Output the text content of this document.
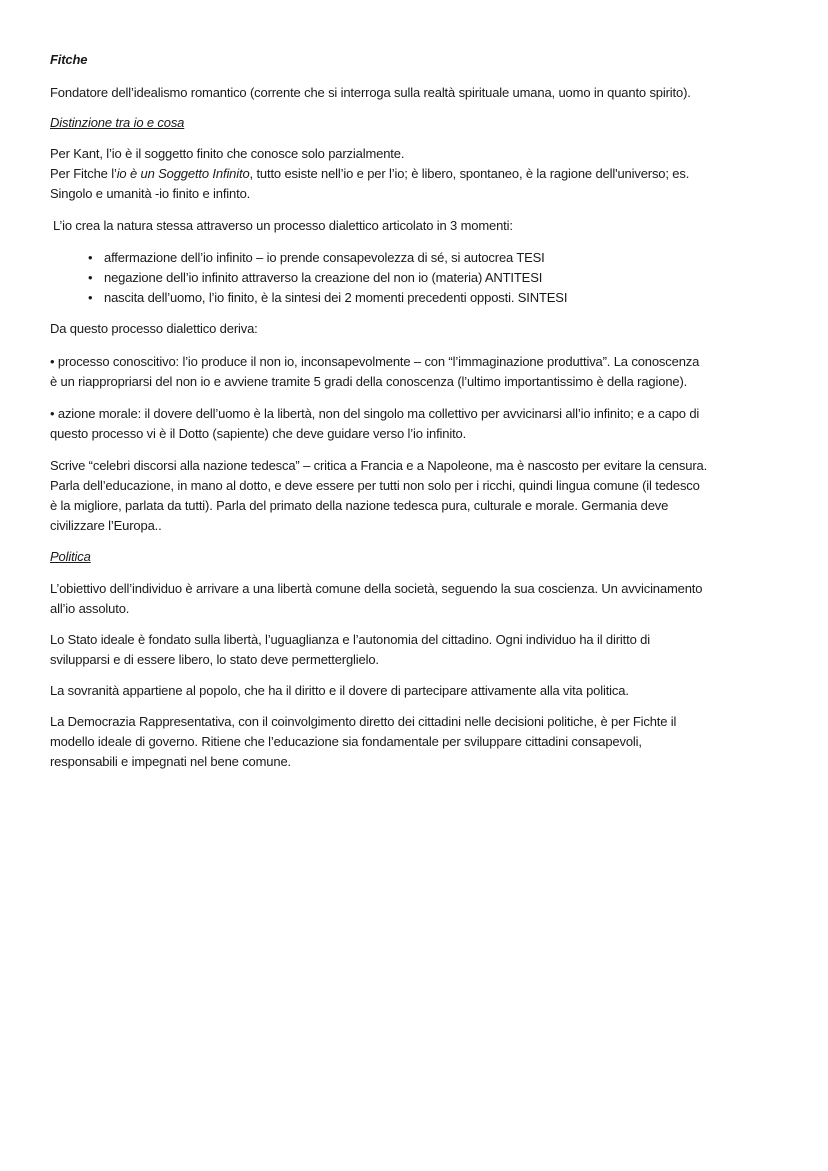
Fitche
Fondatore dell’idealismo romantico (corrente che si interroga sulla realtà spirituale umana, uomo in quanto spirito).
Distinzione tra io e cosa
Per Kant, l’io è il soggetto finito che conosce solo parzialmente.
Per Fitche l’io è un Soggetto Infinito, tutto esiste nell’io e per l’io; è libero, spontaneo, è la ragione dell'universo; es.
Singolo e umanità -io finito e infinto.
L’io crea la natura stessa attraverso un processo dialettico articolato in 3 momenti:
• affermazione dell’io infinito – io prende consapevolezza di sé, si autocrea TESI
• negazione dell’io infinito attraverso la creazione del non io (materia) ANTITESI
• nascita dell’uomo, l’io finito, è la sintesi dei 2 momenti precedenti opposti. SINTESI
Da questo processo dialettico deriva:
• processo conoscitivo: l’io produce il non io, inconsapevolmente – con “l’immaginazione produttiva”. La conoscenza
è un riappropriarsi del non io e avviene tramite 5 gradi della conoscenza (l’ultimo importantissimo è della ragione).
• azione morale: il dovere dell’uomo è la libertà, non del singolo ma collettivo per avvicinarsi all’io infinito; e a capo di
questo processo vi è il Dotto (sapiente) che deve guidare verso l’io infinito.
Scrive “celebri discorsi alla nazione tedesca” – critica a Francia e a Napoleone, ma è nascosto per evitare la censura.
Parla dell’educazione, in mano al dotto, e deve essere per tutti non solo per i ricchi, quindi lingua comune (il tedesco
è la migliore, parlata da tutti). Parla del primato della nazione tedesca pura, culturale e morale. Germania deve
civilizzare l’Europa..
Politica
L’obiettivo dell’individuo è arrivare a una libertà comune della società, seguendo la sua coscienza. Un avvicinamento
all’io assoluto.
Lo Stato ideale è fondato sulla libertà, l’uguaglianza e l’autonomia del cittadino. Ogni individuo ha il diritto di
svilupparsi e di essere libero, lo stato deve permetterglielo.
La sovranità appartiene al popolo, che ha il diritto e il dovere di partecipare attivamente alla vita politica.
La Democrazia Rappresentativa, con il coinvolgimento diretto dei cittadini nelle decisioni politiche, è per Fichte il
modello ideale di governo. Ritiene che l’educazione sia fondamentale per sviluppare cittadini consapevoli,
responsabili e impegnati nel bene comune.
